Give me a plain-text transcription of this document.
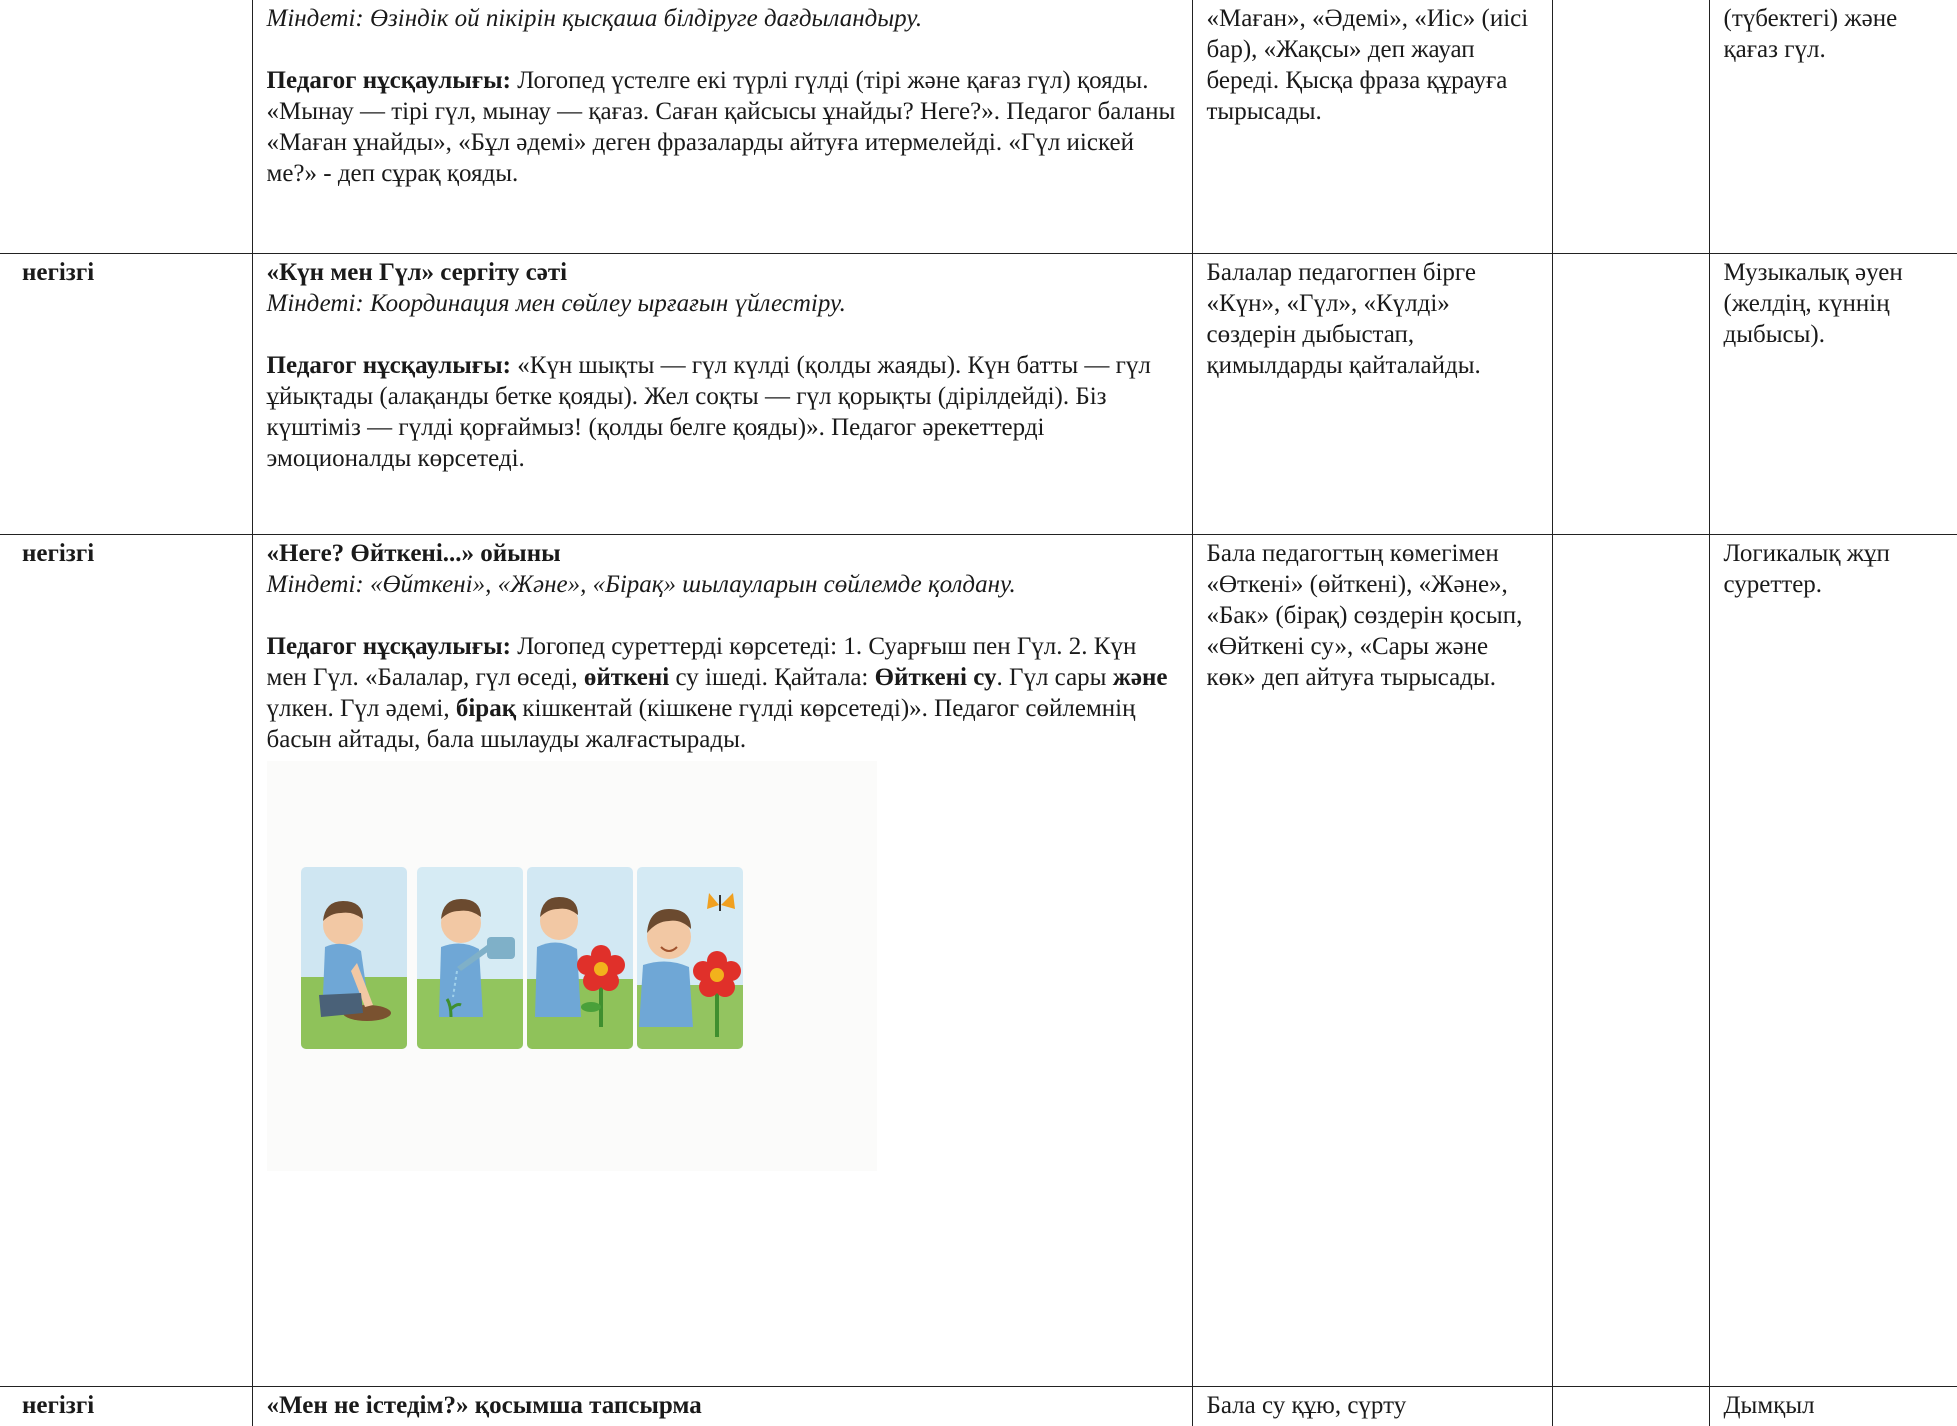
	Міндеті: Өзіндік ой пікірін қысқаша білдіруге дағдыландыру.
Педагог нұсқаулығы: Логопед үстелге екі түрлі гүлді (тірі және қағаз гүл) қояды. «Мынау — тірі гүл, мынау — қағаз. Саған қайсысы ұнайды? Неге?». Педагог баланы «Маған ұнайды», «Бұл әдемі» деген фразаларды айтуға итермелейді. «Гүл иіскей ме?» - деп сұрақ қояды.	«Маған», «Әдемі», «Иіс» (иісі бар), «Жақсы» деп жауап береді. Қысқа фраза құрауға тырысады.		(түбектегі) және қағаз гүл.
негізгі	«Күн мен Гүл» сергіту сәті
Міндеті: Координация мен сөйлеу ырғағын үйлестіру.
Педагог нұсқаулығы: «Күн шықты — гүл күлді (қолды жаяды). Күн батты — гүл ұйықтады (алақанды бетке қояды). Жел соқты — гүл қорықты (дірілдейді). Біз күштіміз — гүлді қорғаймыз! (қолды белге қояды)». Педагог әрекеттерді эмоционалды көрсетеді.	Балалар педагогпен бірге «Күн», «Гүл», «Күлді» сөздерін дыбыстап, қимылдарды қайталайды.		Музыкалық әуен (желдің, күннің дыбысы).
негізгі	«Неге? Өйткені...» ойыны
Міндеті: «Өйткені», «Және», «Бірақ» шылауларын сөйлемде қолдану.
Педагог нұсқаулығы: Логопед суреттерді көрсетеді: 1. Суарғыш пен Гүл. 2. Күн мен Гүл. «Балалар, гүл өседі, өйткені су ішеді. Қайтала: Өйткені су. Гүл сары және үлкен. Гүл әдемі, бірақ кішкентай (кішкене гүлді көрсетеді)». Педагог сөйлемнің басын айтады, бала шылауды жалғастырады.	Бала педагогтың көмегімен «Өткені» (өйткені), «Және», «Бак» (бірақ) сөздерін қосып, «Өйткені су», «Сары және көк» деп айтуға тырысады.		Логикалық жұп суреттер.
негізгі	«Мен не істедім?» қосымша тапсырма	Бала су құю, сүрту		Дымқыл
